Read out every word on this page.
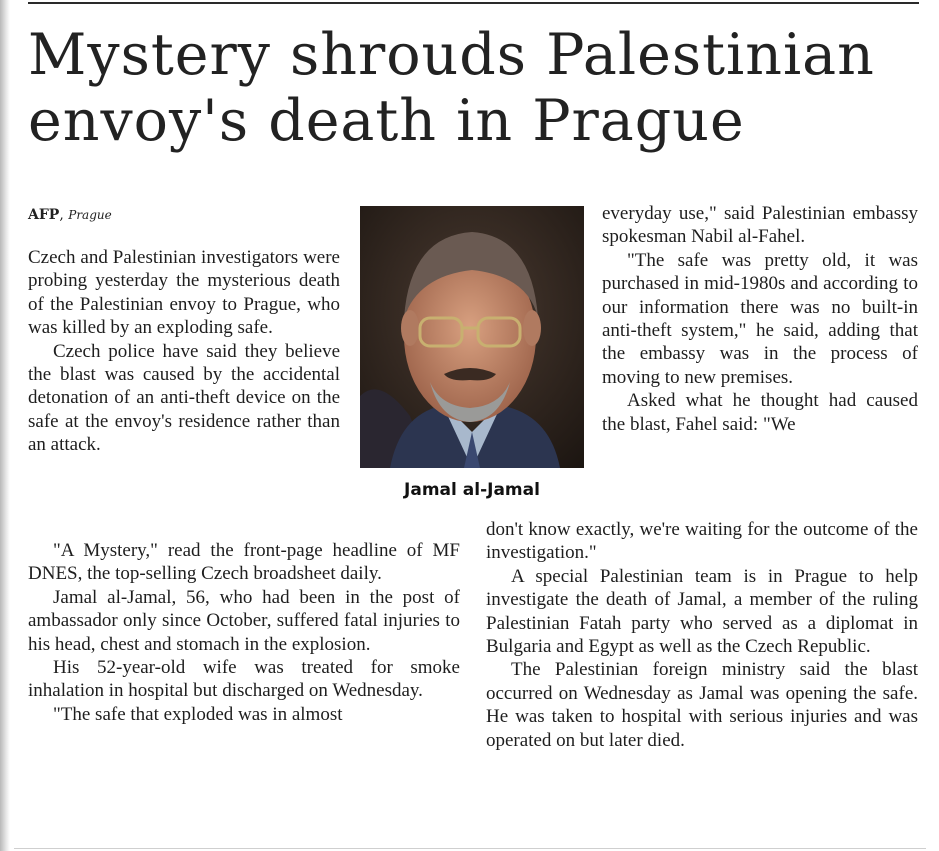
Mystery shrouds Palestinian
envoy's death in Prague
AFP, Prague

Czech and Palestinian investigators were probing yesterday the mysterious death of the Palestinian envoy to Prague, who was killed by an exploding safe.

Czech police have said they believe the blast was caused by the accidental detonation of an anti-theft device on the safe at the envoy's residence rather than an attack.

Jamal al-Jamal

"A Mystery," read the front-page headline of MF DNES, the top-selling Czech broadsheet daily.

Jamal al-Jamal, 56, who had been in the post of ambassador only since October, suffered fatal injuries to his head, chest and stomach in the explosion.

His 52-year-old wife was treated for smoke inhalation in hospital but discharged on Wednesday.

"The safe that exploded was in almost

everyday use," said Palestinian embassy spokesman Nabil al-Fahel.

"The safe was pretty old, it was purchased in mid-1980s and according to our information there was no built-in anti-theft system," he said, adding that the embassy was in the process of moving to new premises.

Asked what he thought had caused the blast, Fahel said: "We

don't know exactly, we're waiting for the outcome of the investigation."

A special Palestinian team is in Prague to help investigate the death of Jamal, a member of the ruling Palestinian Fatah party who served as a diplomat in Bulgaria and Egypt as well as the Czech Republic.

The Palestinian foreign ministry said the blast occurred on Wednesday as Jamal was opening the safe. He was taken to hospital with serious injuries and was operated on but later died.
